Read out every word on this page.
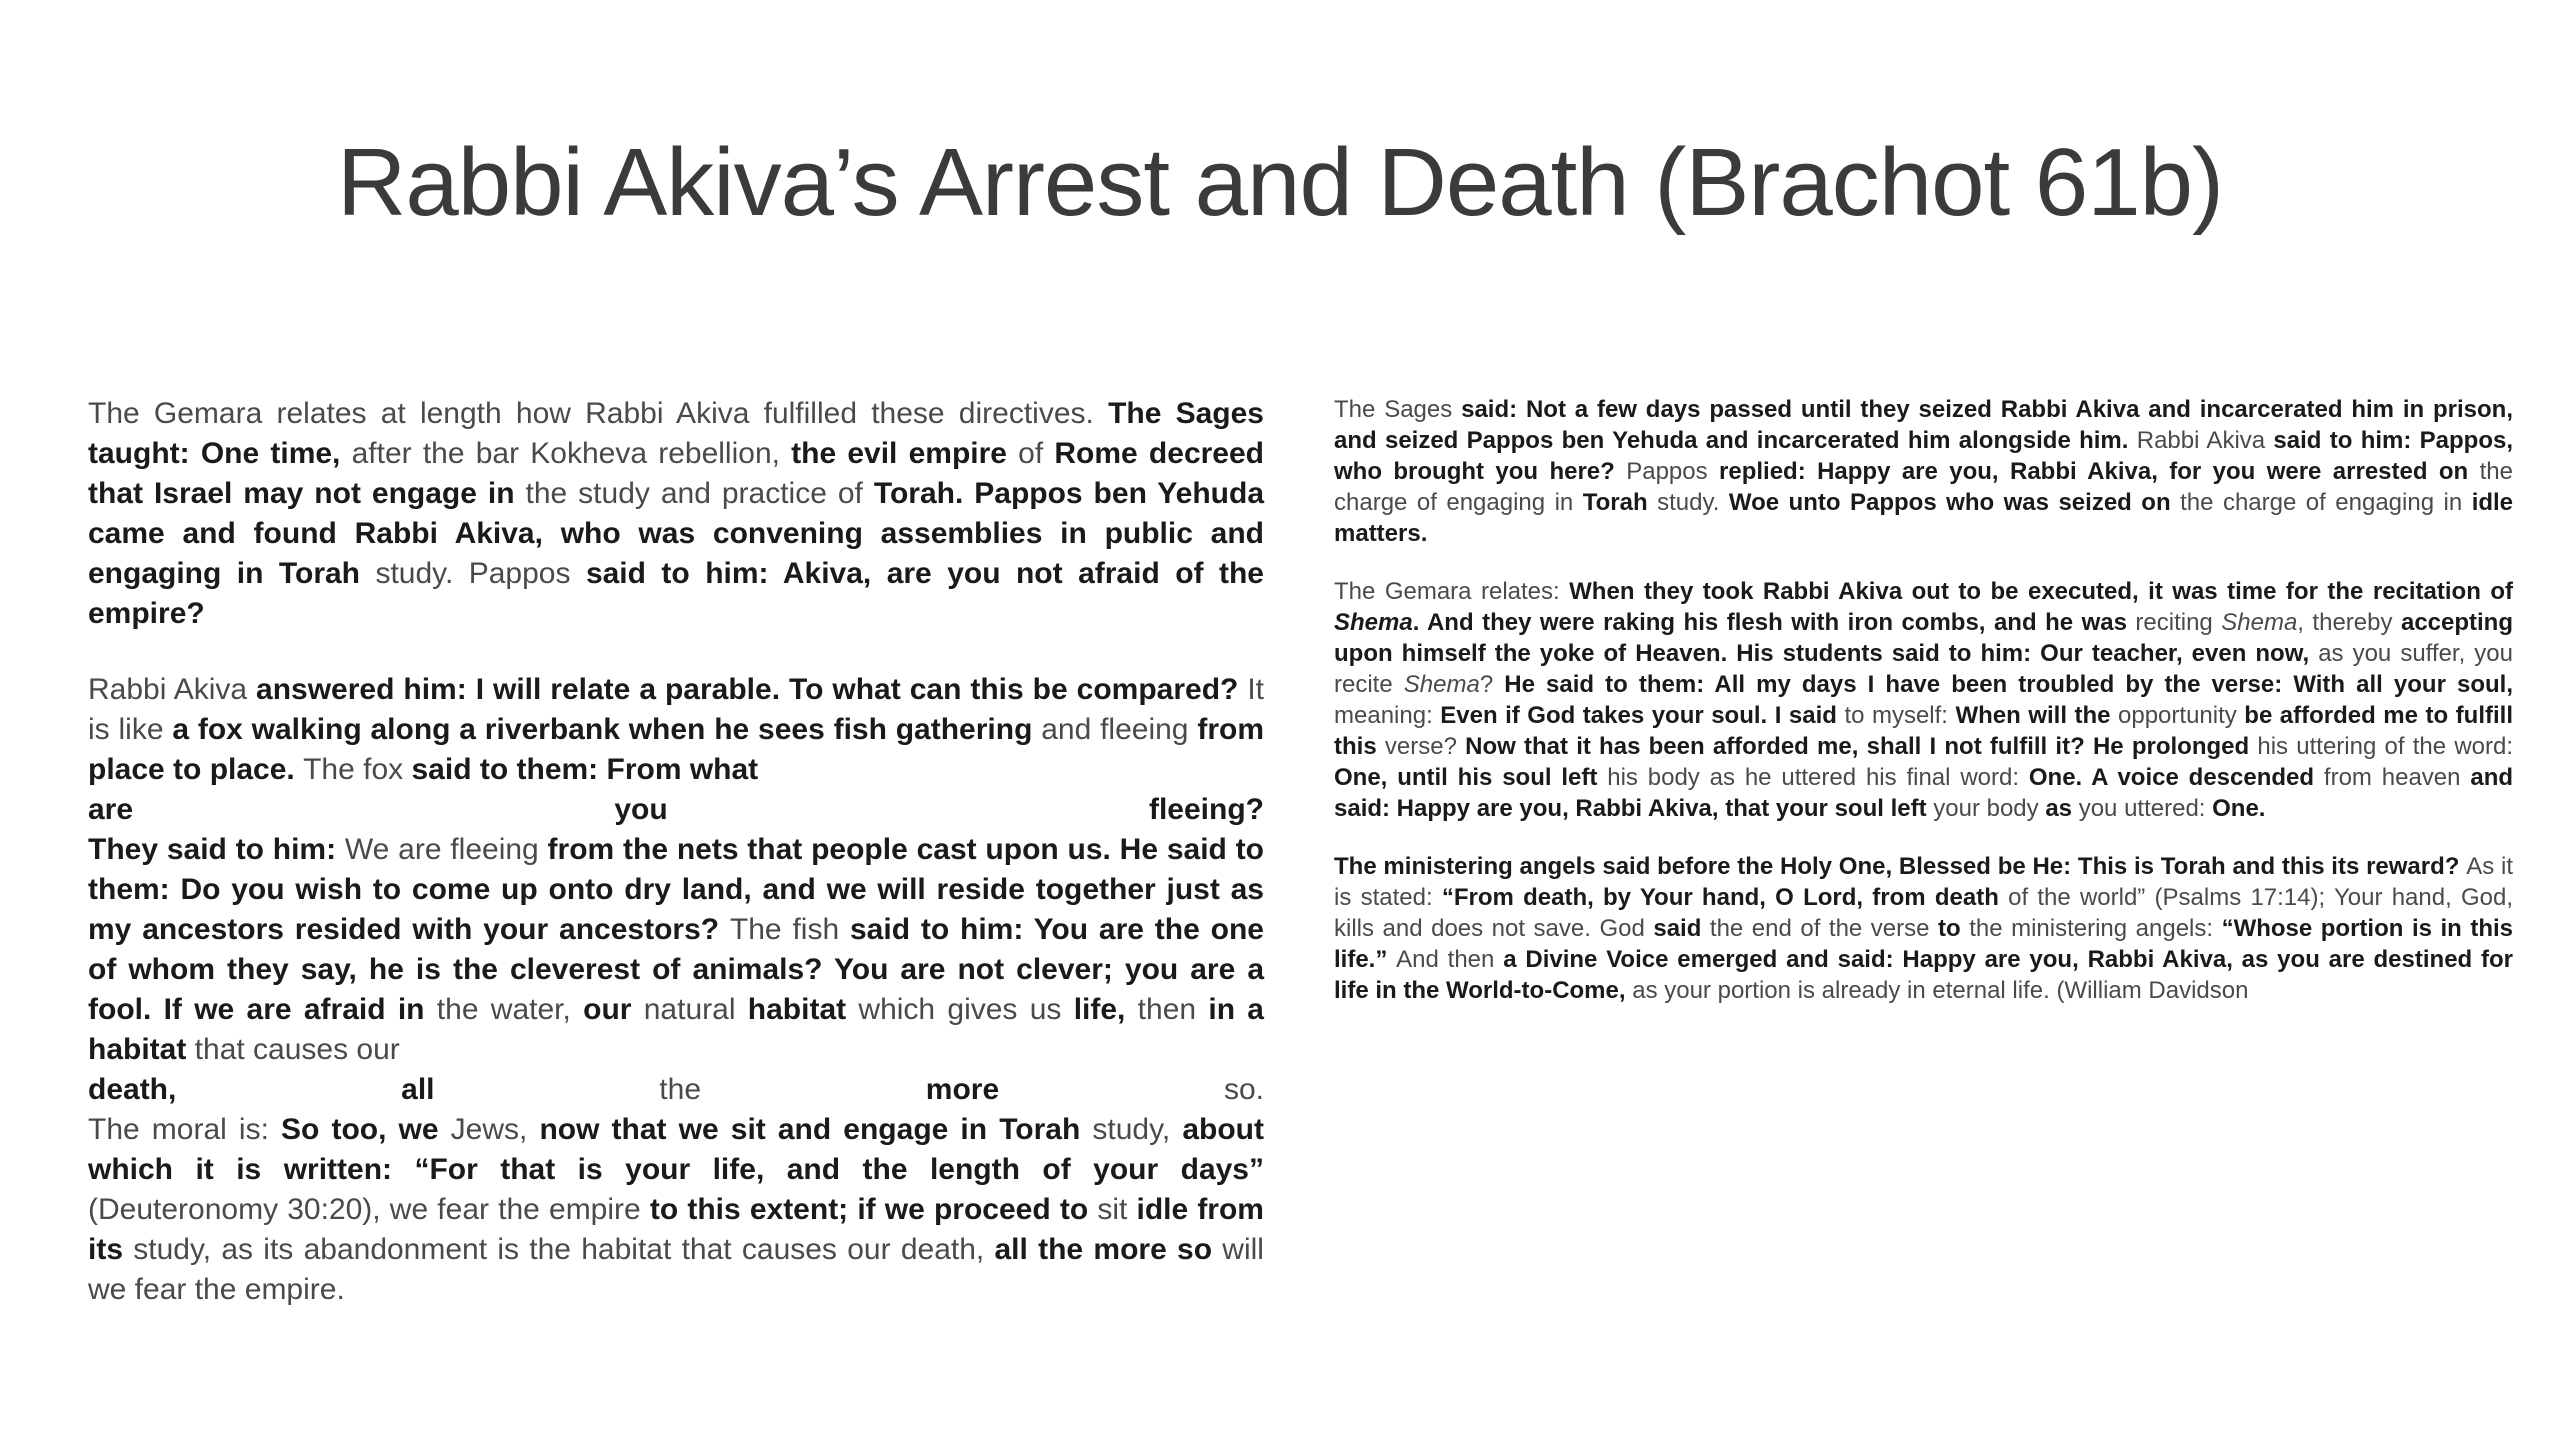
Rabbi Akiva’s Arrest and Death (Brachot 61b)

The Gemara relates at length how Rabbi Akiva fulfilled these directives. The Sages taught: One time, after the bar Kokheva rebellion, the evil empire of Rome decreed that Israel may not engage in the study and practice of Torah. Pappos ben Yehuda came and found Rabbi Akiva, who was convening assemblies in public and engaging in Torah study. Pappos said to him: Akiva, are you not afraid of the empire?

Rabbi Akiva answered him: I will relate a parable. To what can this be compared? It is like a fox walking along a riverbank when he sees fish gathering and fleeing from place to place. The fox said to them: From what
are you fleeing?
They said to him: We are fleeing from the nets that people cast upon us. He said to them: Do you wish to come up onto dry land, and we will reside together just as my ancestors resided with your ancestors? The fish said to him: You are the one of whom they say, he is the cleverest of animals? You are not clever; you are a fool. If we are afraid in the water, our natural habitat which gives us life, then in a habitat that causes our
death, all the more so.
The moral is: So too, we Jews, now that we sit and engage in Torah study, about which it is written: “For that is your life, and the length of your days” (Deuteronomy 30:20), we fear the empire to this extent; if we proceed to sit idle from its study, as its abandonment is the habitat that causes our death, all the more so will we fear the empire.

The Sages said: Not a few days passed until they seized Rabbi Akiva and incarcerated him in prison, and seized Pappos ben Yehuda and incarcerated him alongside him. Rabbi Akiva said to him: Pappos, who brought you here? Pappos replied: Happy are you, Rabbi Akiva, for you were arrested on the charge of engaging in Torah study. Woe unto Pappos who was seized on the charge of engaging in idle matters.

The Gemara relates: When they took Rabbi Akiva out to be executed, it was time for the recitation of Shema. And they were raking his flesh with iron combs, and he was reciting Shema, thereby accepting upon himself the yoke of Heaven. His students said to him: Our teacher, even now, as you suffer, you recite Shema? He said to them: All my days I have been troubled by the verse: With all your soul, meaning: Even if God takes your soul. I said to myself: When will the opportunity be afforded me to fulfill this verse? Now that it has been afforded me, shall I not fulfill it? He prolonged his uttering of the word: One, until his soul left his body as he uttered his final word: One. A voice descended from heaven and said: Happy are you, Rabbi Akiva, that your soul left your body as you uttered: One.

The ministering angels said before the Holy One, Blessed be He: This is Torah and this its reward? As it is stated: “From death, by Your hand, O Lord, from death of the world” (Psalms 17:14); Your hand, God, kills and does not save. God said the end of the verse to the ministering angels: “Whose portion is in this life.” And then a Divine Voice emerged and said: Happy are you, Rabbi Akiva, as you are destined for life in the World-to-Come, as your portion is already in eternal life. (William Davidson
